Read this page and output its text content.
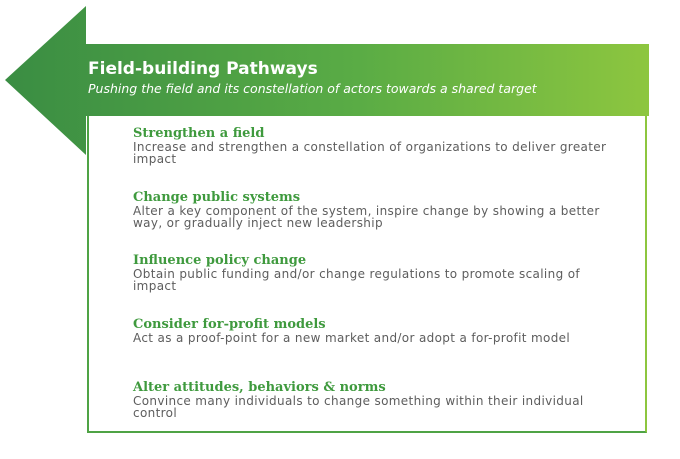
Field-building Pathways
Pushing the field and its constellation of actors towards a shared target
Strengthen a field
Increase and strengthen a constellation of organizations to deliver greater impact
Change public systems
Alter a key component of the system, inspire change by showing a better way, or gradually inject new leadership
Influence policy change
Obtain public funding and/or change regulations to promote scaling of impact
Consider for-profit models
Act as a proof-point for a new market and/or adopt a for-profit model
Alter attitudes, behaviors & norms
Convince many individuals to change something within their individual control
